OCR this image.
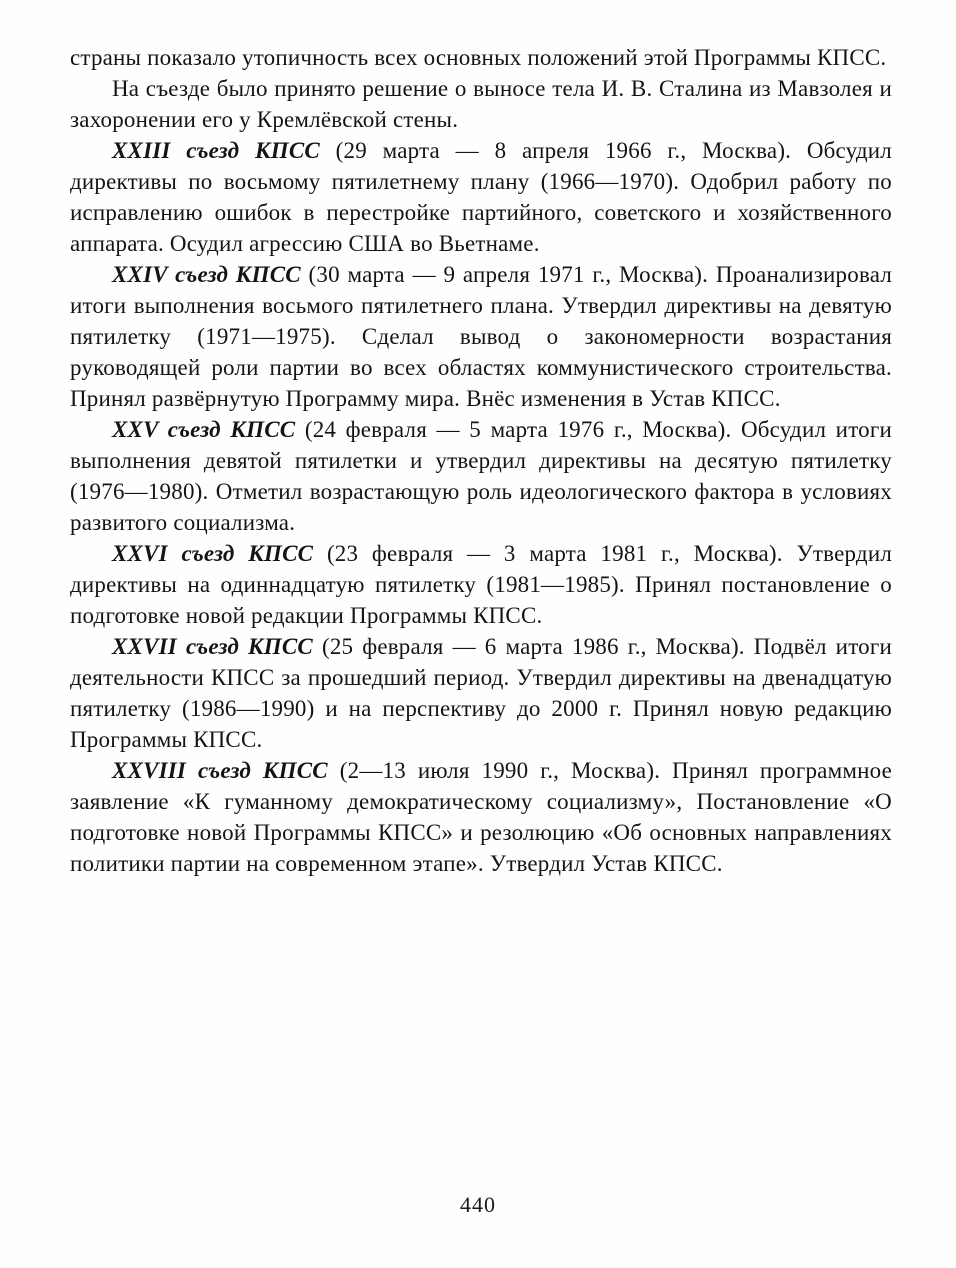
страны показало утопичность всех основных положений этой Программы КПСС.

На съезде было принято решение о выносе тела И. В. Сталина из Мавзолея и захоронении его у Кремлёвской стены.

XXIII съезд КПСС (29 марта — 8 апреля 1966 г., Москва). Обсудил директивы по восьмому пятилетнему плану (1966—1970). Одобрил работу по исправлению ошибок в перестройке партийного, советского и хозяйственного аппарата. Осудил агрессию США во Вьетнаме.

XXIV съезд КПСС (30 марта — 9 апреля 1971 г., Москва). Проанализировал итоги выполнения восьмого пятилетнего плана. Утвердил директивы на девятую пятилетку (1971—1975). Сделал вывод о закономерности возрастания руководящей роли партии во всех областях коммунистического строительства. Принял развёрнутую Программу мира. Внёс изменения в Устав КПСС.

XXV съезд КПСС (24 февраля — 5 марта 1976 г., Москва). Обсудил итоги выполнения девятой пятилетки и утвердил директивы на десятую пятилетку (1976—1980). Отметил возрастающую роль идеологического фактора в условиях развитого социализма.

XXVI съезд КПСС (23 февраля — 3 марта 1981 г., Москва). Утвердил директивы на одиннадцатую пятилетку (1981—1985). Принял постановление о подготовке новой редакции Программы КПСС.

XXVII съезд КПСС (25 февраля — 6 марта 1986 г., Москва). Подвёл итоги деятельности КПСС за прошедший период. Утвердил директивы на двенадцатую пятилетку (1986—1990) и на перспективу до 2000 г. Принял новую редакцию Программы КПСС.

XXVIII съезд КПСС (2—13 июля 1990 г., Москва). Принял программное заявление «К гуманному демократическому социализму», Постановление «О подготовке новой Программы КПСС» и резолюцию «Об основных направлениях политики партии на современном этапе». Утвердил Устав КПСС.

440
